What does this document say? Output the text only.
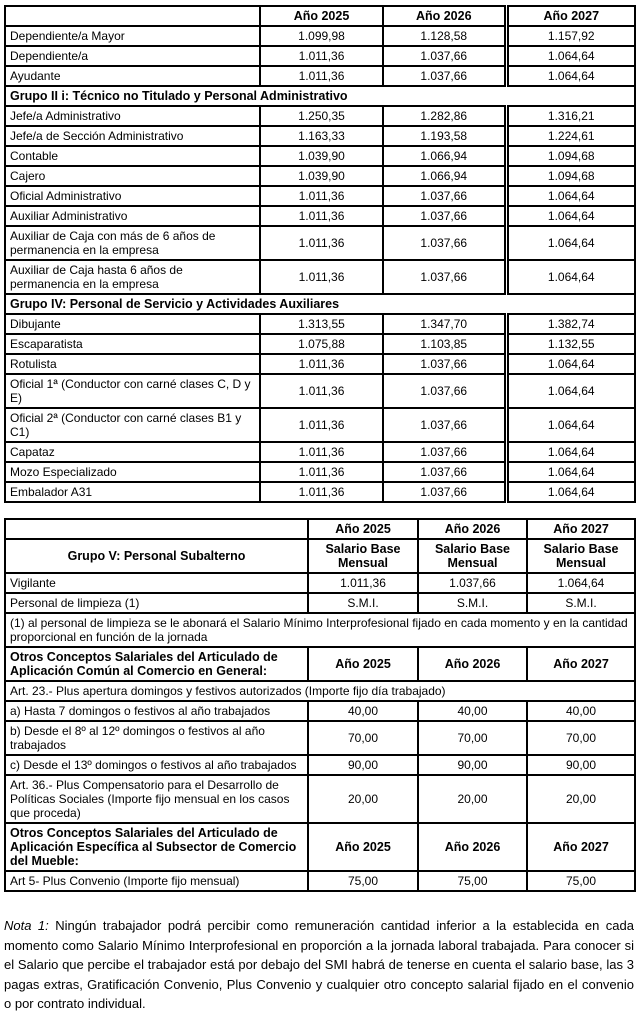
	Año 2025	Año 2026	Año 2027
Dependiente/a Mayor	1.099,98	1.128,58	1.157,92
Dependiente/a	1.011,36	1.037,66	1.064,64
Ayudante	1.011,36	1.037,66	1.064,64
Grupo II i: Técnico no Titulado y Personal Administrativo			
Jefe/a Administrativo	1.250,35	1.282,86	1.316,21
Jefe/a de Sección Administrativo	1.163,33	1.193,58	1.224,61
Contable	1.039,90	1.066,94	1.094,68
Cajero	1.039,90	1.066,94	1.094,68
Oficial Administrativo	1.011,36	1.037,66	1.064,64
Auxiliar Administrativo	1.011,36	1.037,66	1.064,64
Auxiliar de Caja con más de 6 años de permanencia en la empresa	1.011,36	1.037,66	1.064,64
Auxiliar de Caja hasta 6 años de permanencia en la empresa	1.011,36	1.037,66	1.064,64
Grupo IV: Personal de Servicio y Actividades Auxiliares			
Dibujante	1.313,55	1.347,70	1.382,74
Escaparatista	1.075,88	1.103,85	1.132,55
Rotulista	1.011,36	1.037,66	1.064,64
Oficial 1ª (Conductor con carné clases C, D y E)	1.011,36	1.037,66	1.064,64
Oficial 2ª (Conductor con carné clases B1 y C1)	1.011,36	1.037,66	1.064,64
Capataz	1.011,36	1.037,66	1.064,64
Mozo Especializado	1.011,36	1.037,66	1.064,64
Embalador A31	1.011,36	1.037,66	1.064,64
	Año 2025	Año 2026	Año 2027
Grupo V: Personal Subalterno	Salario Base Mensual	Salario Base Mensual	Salario Base Mensual
Vigilante	1.011,36	1.037,66	1.064,64
Personal de limpieza (1)	S.M.I.	S.M.I.	S.M.I.
(1) al personal de limpieza se le abonará el Salario Mínimo Interprofesional fijado en cada momento y en la cantidad proporcional en función de la jornada			
Otros Conceptos Salariales del Articulado de Aplicación Común al Comercio en General:	Año 2025	Año 2026	Año 2027
Art. 23.- Plus apertura domingos y festivos autorizados (Importe fijo día trabajado)			
a) Hasta 7 domingos o festivos al año trabajados	40,00	40,00	40,00
b) Desde el 8º al 12º domingos o festivos al año trabajados	70,00	70,00	70,00
c) Desde el 13º domingos o festivos al año trabajados	90,00	90,00	90,00
Art. 36.- Plus Compensatorio para el Desarrollo de Políticas Sociales (Importe fijo mensual en los casos que proceda)	20,00	20,00	20,00
Otros Conceptos Salariales del Articulado de Aplicación Específica al Subsector de Comercio del Mueble:	Año 2025	Año 2026	Año 2027
Art 5- Plus Convenio (Importe fijo mensual)	75,00	75,00	75,00

Nota 1: Ningún trabajador podrá percibir como remuneración cantidad inferior a la establecida en cada momento como Salario Mínimo Interprofesional en proporción a la jornada laboral trabajada. Para conocer si el Salario que percibe el trabajador está por debajo del SMI habrá de tenerse en cuenta el salario base, las 3 pagas extras, Gratificación Convenio, Plus Convenio y cualquier otro concepto salarial fijado en el convenio o por contrato individual.
